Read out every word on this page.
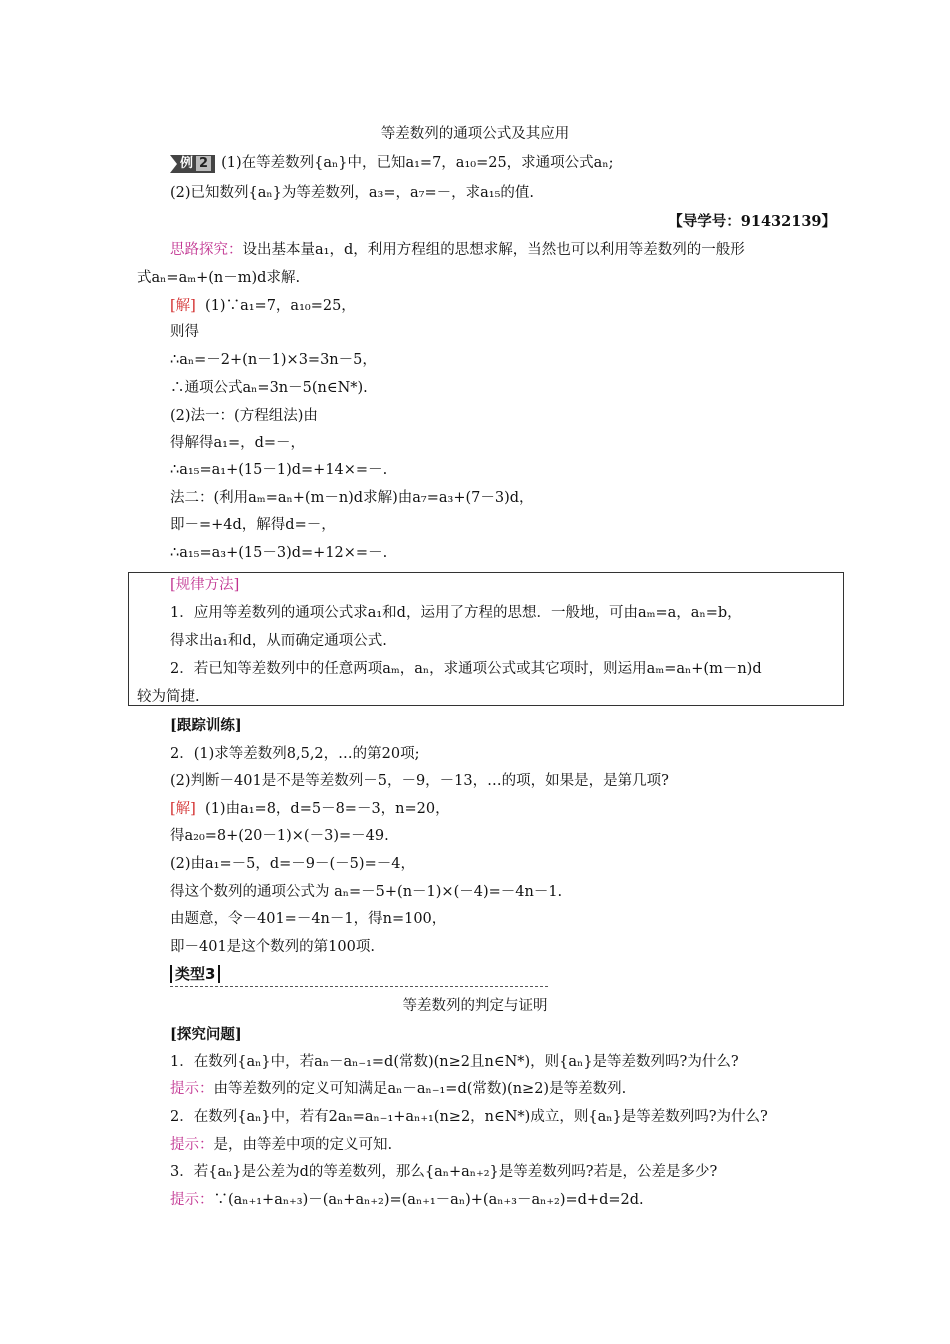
等差数列的通项公式及其应用
例 2 (1)在等差数列{aₙ}中，已知a₁=7，a₁₀=25，求通项公式aₙ;
(2)已知数列{aₙ}为等差数列，a₃=，a₇=－，求a₁₅的值.
【导学号：91432139】
思路探究：设出基本量a₁，d，利用方程组的思想求解，当然也可以利用等差数列的一般形
式aₙ=aₘ+(n－m)d求解.
[解] (1)∵a₁=7，a₁₀=25，
则得
∴aₙ=－2+(n－1)×3=3n－5，
∴通项公式aₙ=3n－5(n∈N*).
(2)法一：(方程组法)由
得解得a₁=，d=－，
∴a₁₅=a₁+(15－1)d=+14×=－.
法二：(利用aₘ=aₙ+(m－n)d求解)由a₇=a₃+(7－3)d，
即－=+4d，解得d=－，
∴a₁₅=a₃+(15－3)d=+12×=－.
[规律方法]
1．应用等差数列的通项公式求a₁和d，运用了方程的思想．一般地，可由aₘ=a，aₙ=b，
得求出a₁和d，从而确定通项公式.
2．若已知等差数列中的任意两项aₘ，aₙ，求通项公式或其它项时，则运用aₘ=aₙ+(m－n)d
较为简捷.
[跟踪训练]
2．(1)求等差数列8,5,2，…的第20项;
(2)判断－401是不是等差数列－5，－9，－13，…的项，如果是，是第几项?
[解] (1)由a₁=8，d=5－8=－3，n=20，
得a₂₀=8+(20－1)×(－3)=－49.
(2)由a₁=－5，d=－9－(－5)=－4，
得这个数列的通项公式为 aₙ=－5+(n－1)×(－4)=－4n－1.
由题意，令－401=－4n－1，得n=100，
即－401是这个数列的第100项.
类型3
等差数列的判定与证明
[探究问题]
1．在数列{aₙ}中，若aₙ－aₙ₋₁=d(常数)(n≥2且n∈N*)，则{aₙ}是等差数列吗?为什么?
提示：由等差数列的定义可知满足aₙ－aₙ₋₁=d(常数)(n≥2)是等差数列.
2．在数列{aₙ}中，若有2aₙ=aₙ₋₁+aₙ₊₁(n≥2，n∈N*)成立，则{aₙ}是等差数列吗?为什么?
提示：是，由等差中项的定义可知.
3．若{aₙ}是公差为d的等差数列，那么{aₙ+aₙ₊₂}是等差数列吗?若是，公差是多少?
提示：∵(aₙ₊₁+aₙ₊₃)－(aₙ+aₙ₊₂)=(aₙ₊₁－aₙ)+(aₙ₊₃－aₙ₊₂)=d+d=2d.
